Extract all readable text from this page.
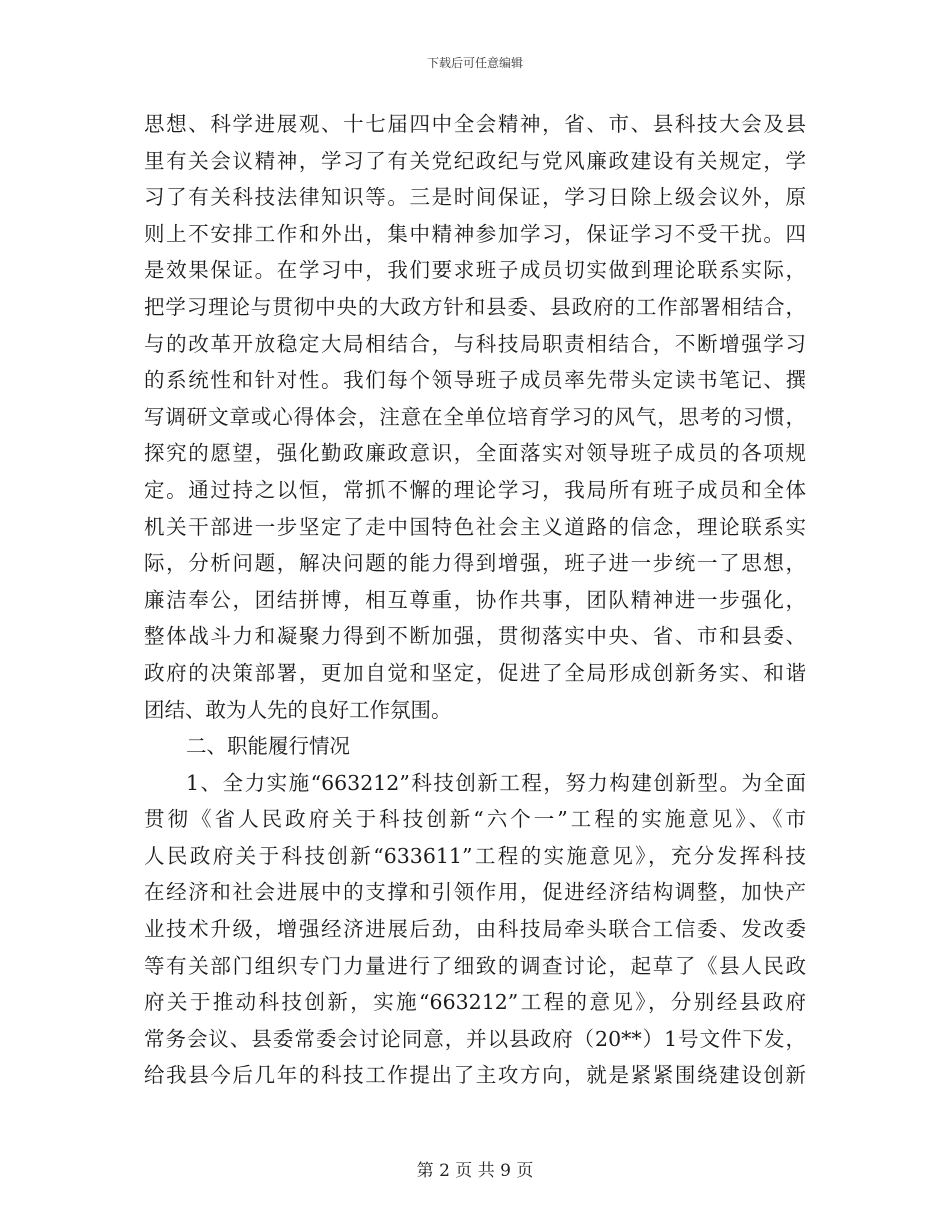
下载后可任意编辑
思想、科学进展观、十七届四中全会精神，省、市、县科技大会及县
里有关会议精神，学习了有关党纪政纪与党风廉政建设有关规定，学
习了有关科技法律知识等。三是时间保证，学习日除上级会议外，原
则上不安排工作和外出，集中精神参加学习，保证学习不受干扰。四
是效果保证。在学习中，我们要求班子成员切实做到理论联系实际，
把学习理论与贯彻中央的大政方针和县委、县政府的工作部署相结合，
与的改革开放稳定大局相结合，与科技局职责相结合，不断增强学习
的系统性和针对性。我们每个领导班子成员率先带头定读书笔记、撰
写调研文章或心得体会，注意在全单位培育学习的风气，思考的习惯，
探究的愿望，强化勤政廉政意识，全面落实对领导班子成员的各项规
定。通过持之以恒，常抓不懈的理论学习，我局所有班子成员和全体
机关干部进一步坚定了走中国特色社会主义道路的信念，理论联系实
际，分析问题，解决问题的能力得到增强，班子进一步统一了思想，
廉洁奉公，团结拼博，相互尊重，协作共事，团队精神进一步强化，
整体战斗力和凝聚力得到不断加强，贯彻落实中央、省、市和县委、
政府的决策部署，更加自觉和坚定，促进了全局形成创新务实、和谐
团结、敢为人先的良好工作氛围。
二、职能履行情况
1、全力实施“663212”科技创新工程，努力构建创新型。为全面
贯彻《省人民政府关于科技创新“六个一”工程的实施意见》、《市
人民政府关于科技创新“633611”工程的实施意见》，充分发挥科技
在经济和社会进展中的支撑和引领作用，促进经济结构调整，加快产
业技术升级，增强经济进展后劲，由科技局牵头联合工信委、发改委
等有关部门组织专门力量进行了细致的调查讨论，起草了《县人民政
府关于推动科技创新，实施“663212”工程的意见》，分别经县政府
常务会议、县委常委会讨论同意，并以县政府（20**）1号文件下发，
给我县今后几年的科技工作提出了主攻方向，就是紧紧围绕建设创新
第 2 页 共 9 页
